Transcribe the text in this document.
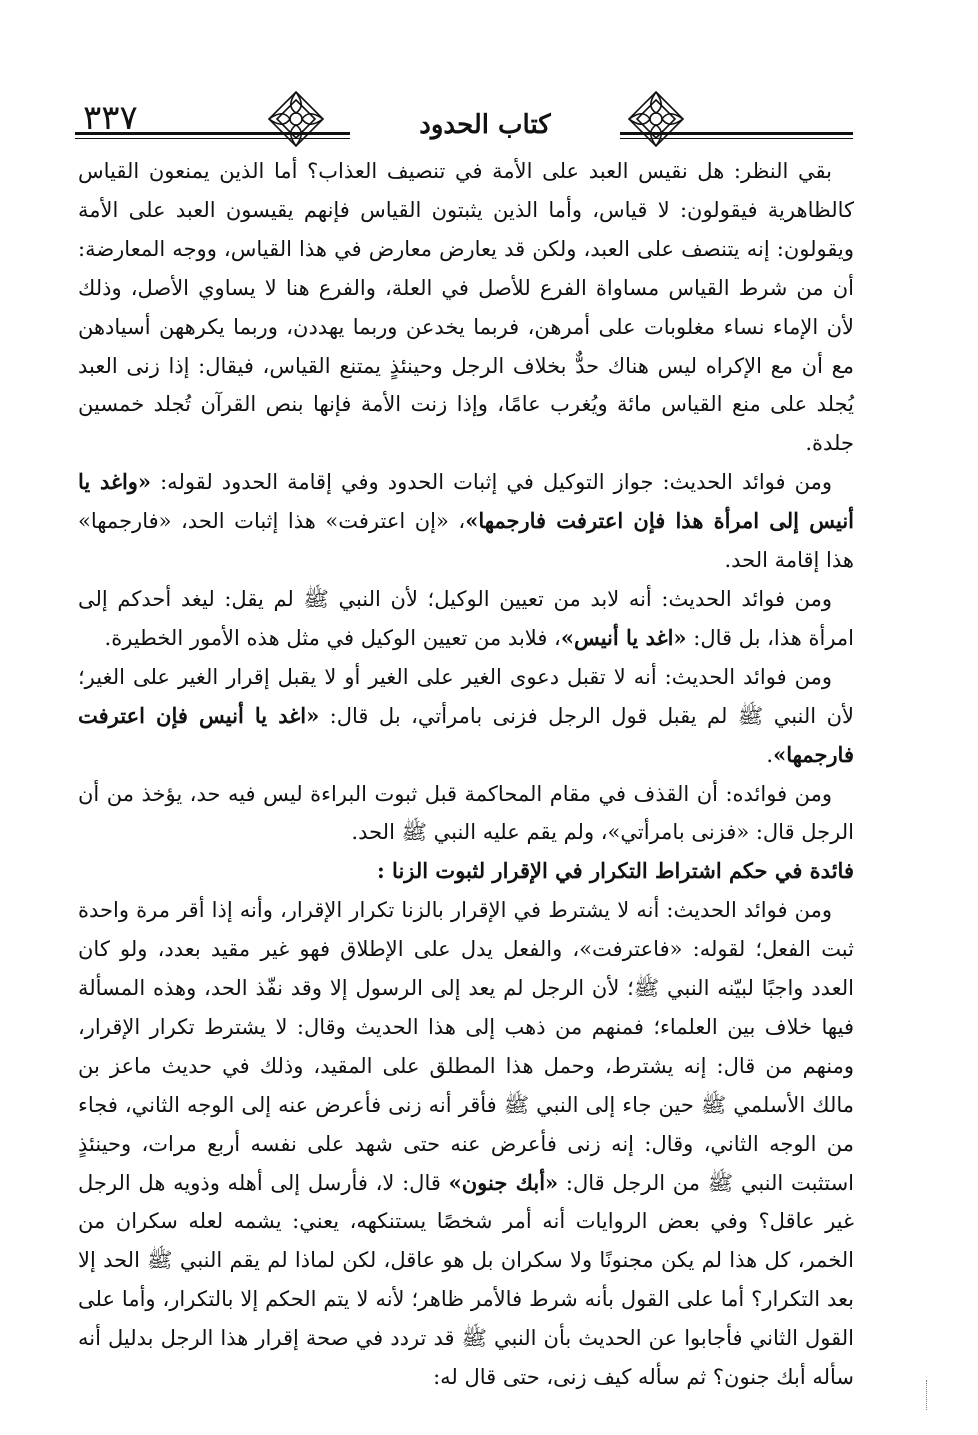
٣٣٧	كتاب الحدود

بقي النظر: هل نقيس العبد على الأمة في تنصيف العذاب؟ أما الذين يمنعون القياس كالظاهرية فيقولون: لا قياس، وأما الذين يثبتون القياس فإنهم يقيسون العبد على الأمة ويقولون: إنه يتنصف على العبد، ولكن قد يعارض معارض في هذا القياس، ووجه المعارضة: أن من شرط القياس مساواة الفرع للأصل في العلة، والفرع هنا لا يساوي الأصل، وذلك لأن الإماء نساء مغلوبات على أمرهن، فربما يخدعن وربما يهددن، وربما يكرههن أسيادهن مع أن مع الإكراه ليس هناك حدٌّ بخلاف الرجل وحينئذٍ يمتنع القياس، فيقال: إذا زنى العبد يُجلد على منع القياس مائة ويُغرب عامًا، وإذا زنت الأمة فإنها بنص القرآن تُجلد خمسين جلدة.

ومن فوائد الحديث: جواز التوكيل في إثبات الحدود وفي إقامة الحدود لقوله: «واغد يا أنيس إلى امرأة هذا فإن اعترفت فارجمها»، «إن اعترفت» هذا إثبات الحد، «فارجمها» هذا إقامة الحد.

ومن فوائد الحديث: أنه لابد من تعيين الوكيل؛ لأن النبي ﷺ لم يقل: ليغد أحدكم إلى امرأة هذا، بل قال: «اغد يا أنيس»، فلابد من تعيين الوكيل في مثل هذه الأمور الخطيرة.

ومن فوائد الحديث: أنه لا تقبل دعوى الغير على الغير أو لا يقبل إقرار الغير على الغير؛ لأن النبي ﷺ لم يقبل قول الرجل فزنى بامرأتي، بل قال: «اغد يا أنيس فإن اعترفت فارجمها».

ومن فوائده: أن القذف في مقام المحاكمة قبل ثبوت البراءة ليس فيه حد، يؤخذ من أن الرجل قال: «فزنى بامرأتي»، ولم يقم عليه النبي ﷺ الحد.

فائدة في حكم اشتراط التكرار في الإقرار لثبوت الزنا :

ومن فوائد الحديث: أنه لا يشترط في الإقرار بالزنا تكرار الإقرار، وأنه إذا أقر مرة واحدة ثبت الفعل؛ لقوله: «فاعترفت»، والفعل يدل على الإطلاق فهو غير مقيد بعدد، ولو كان العدد واجبًا لبيّنه النبي ﷺ؛ لأن الرجل لم يعد إلى الرسول إلا وقد نفّذ الحد، وهذه المسألة فيها خلاف بين العلماء؛ فمنهم من ذهب إلى هذا الحديث وقال: لا يشترط تكرار الإقرار، ومنهم من قال: إنه يشترط، وحمل هذا المطلق على المقيد، وذلك في حديث ماعز بن مالك الأسلمي ﷺ حين جاء إلى النبي ﷺ فأقر أنه زنى فأعرض عنه إلى الوجه الثاني، فجاء من الوجه الثاني، وقال: إنه زنى فأعرض عنه حتى شهد على نفسه أربع مرات، وحينئذٍ استثبت النبي ﷺ من الرجل قال: «أبك جنون» قال: لا، فأرسل إلى أهله وذويه هل الرجل غير عاقل؟ وفي بعض الروايات أنه أمر شخصًا يستنكهه، يعني: يشمه لعله سكران من الخمر، كل هذا لم يكن مجنونًا ولا سكران بل هو عاقل، لكن لماذا لم يقم النبي ﷺ الحد إلا بعد التكرار؟ أما على القول بأنه شرط فالأمر ظاهر؛ لأنه لا يتم الحكم إلا بالتكرار، وأما على القول الثاني فأجابوا عن الحديث بأن النبي ﷺ قد تردد في صحة إقرار هذا الرجل بدليل أنه سأله أبك جنون؟ ثم سأله كيف زنى، حتى قال له:
